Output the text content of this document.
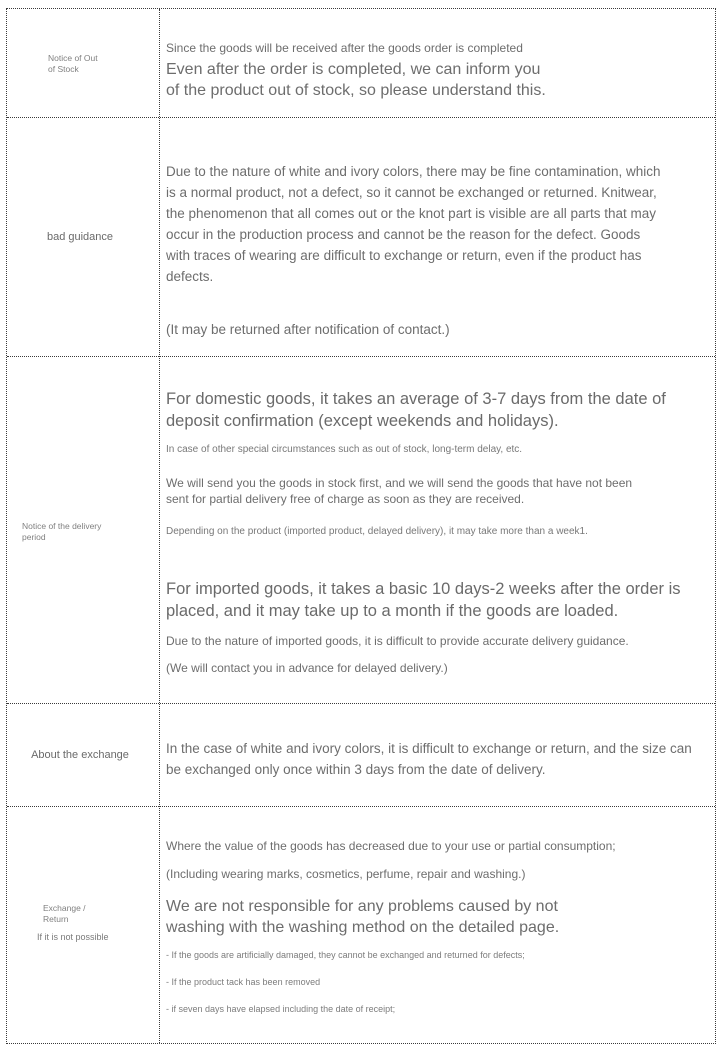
Notice of Out
of Stock

Since the goods will be received after the goods order is completed

Even after the order is completed, we can inform you

of the product out of stock, so please understand this.

bad guidance

Due to the nature of white and ivory colors, there may be fine contamination, which is a normal product, not a defect, so it cannot be exchanged or returned. Knitwear, the phenomenon that all comes out or the knot part is visible are all parts that may occur in the production process and cannot be the reason for the defect. Goods with traces of wearing are difficult to exchange or return, even if the product has defects.

(It may be returned after notification of contact.)

Notice of the delivery
period

For domestic goods, it takes an average of 3-7 days from the date of deposit confirmation (except weekends and holidays).

In case of other special circumstances such as out of stock, long-term delay, etc.

We will send you the goods in stock first, and we will send the goods that have not been sent for partial delivery free of charge as soon as they are received.

Depending on the product (imported product, delayed delivery), it may take more than a week1.

For imported goods, it takes a basic 10 days-2 weeks after the order is placed, and it may take up to a month if the goods are loaded.

Due to the nature of imported goods, it is difficult to provide accurate delivery guidance.

(We will contact you in advance for delayed delivery.)

About the exchange	In the case of white and ivory colors, it is difficult to exchange or return, and the size can be exchanged only once within 3 days from the date of delivery.

Exchange /
Return
If it is not possible

Where the value of the goods has decreased due to your use or partial consumption;

(Including wearing marks, cosmetics, perfume, repair and washing.)

We are not responsible for any problems caused by not washing with the washing method on the detailed page.

- If the goods are artificially damaged, they cannot be exchanged and returned for defects;

- If the product tack has been removed

- if seven days have elapsed including the date of receipt;
